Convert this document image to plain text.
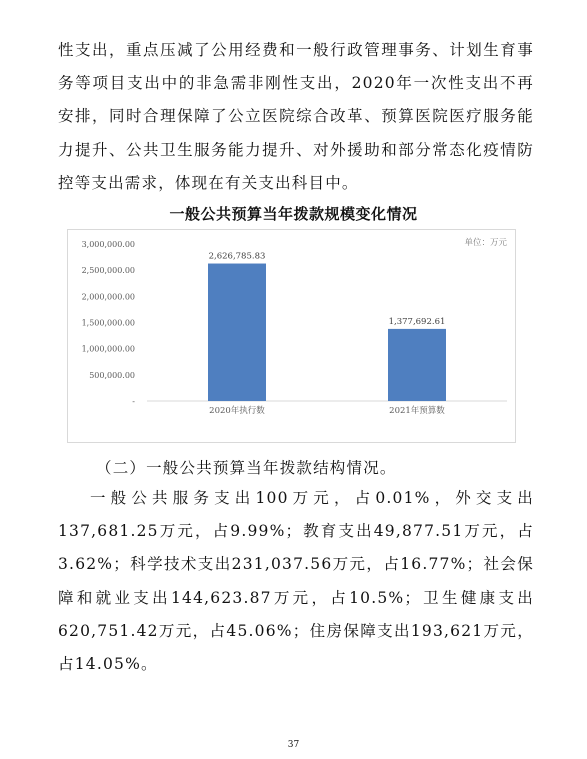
性支出，重点压减了公用经费和一般行政管理事务、计划生育事务等项目支出中的非急需非刚性支出，2020年一次性支出不再安排，同时合理保障了公立医院综合改革、预算医院医疗服务能力提升、公共卫生服务能力提升、对外援助和部分常态化疫情防控等支出需求，体现在有关支出科目中。

一般公共预算当年拨款规模变化情况
-
500,000.00
1,000,000.00
1,500,000.00
2,000,000.00
2,500,000.00
3,000,000.00
2,626,785.83
2020年执行数
1,377,692.61
2021年预算数
单位：万元

（二）一般公共预算当年拨款结构情况。

一般公共服务支出100万元，占0.01%，外交支出137,681.25万元，占9.99%；教育支出49,877.51万元，占3.62%；科学技术支出231,037.56万元，占16.77%；社会保障和就业支出144,623.87万元，占10.5%；卫生健康支出620,751.42万元，占45.06%；住房保障支出193,621万元，占14.05%。

37
